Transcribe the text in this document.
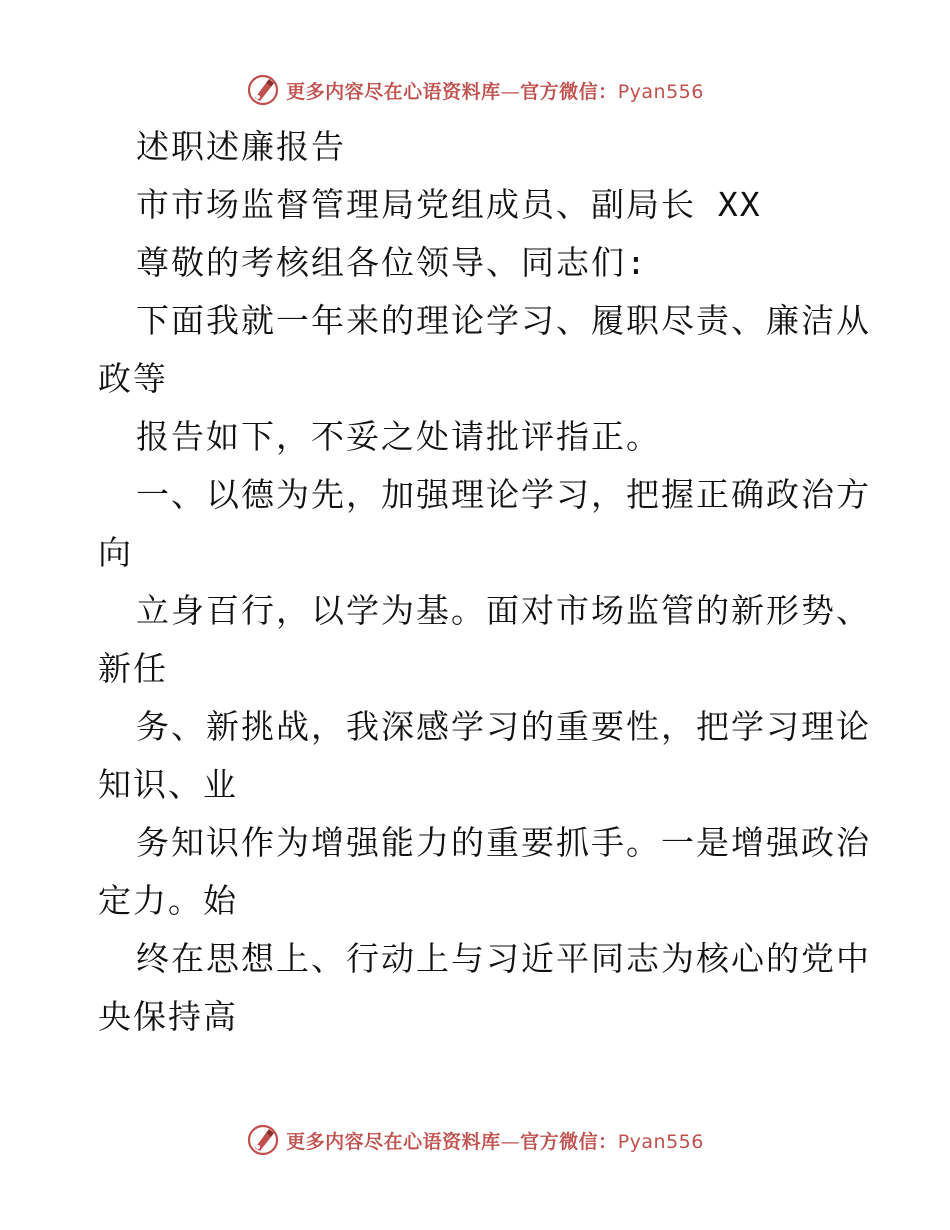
更多内容尽在心语资料库—官方微信：Pyan556
述职述廉报告
市市场监督管理局党组成员、副局长 XX
尊敬的考核组各位领导、同志们:
下面我就一年来的理论学习、履职尽责、廉洁从
政等
报告如下，不妥之处请批评指正。
一、以德为先，加强理论学习，把握正确政治方
向
立身百行，以学为基。面对市场监管的新形势、
新任
务、新挑战，我深感学习的重要性，把学习理论
知识、业
务知识作为增强能力的重要抓手。一是增强政治
定力。始
终在思想上、行动上与习近平同志为核心的党中
央保持高
更多内容尽在心语资料库—官方微信：Pyan556
